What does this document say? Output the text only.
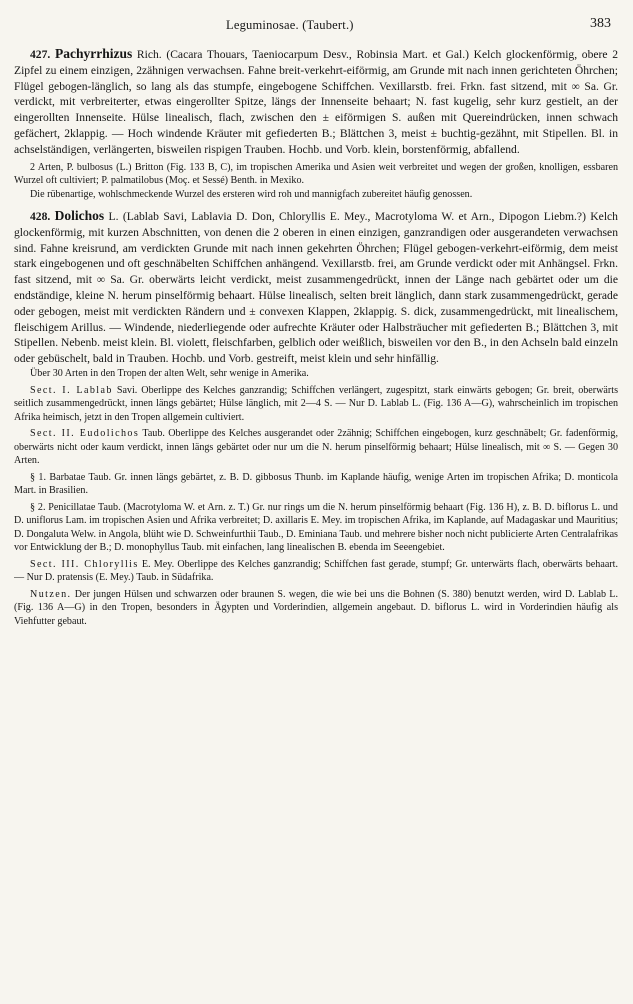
Leguminosae. (Taubert.)	383

427. Pachyrrhizus Rich. (Cacara Thouars, Taeniocarpum Desv., Robinsia Mart. et Gal.) Kelch glockenförmig, obere 2 Zipfel zu einem einzigen, 2zähnigen verwachsen. Fahne breit-verkehrt-eiförmig, am Grunde mit nach innen gerichteten Öhrchen; Flügel gebogen-länglich, so lang als das stumpfe, eingebogene Schiffchen. Vexillarstb. frei. Frkn. fast sitzend, mit ∞ Sa. Gr. verdickt, mit verbreiterter, etwas eingerollter Spitze, längs der Innenseite behaart; N. fast kugelig, sehr kurz gestielt, an der eingerollten Innenseite. Hülse linealisch, flach, zwischen den ± eiförmigen S. außen mit Quereindrücken, innen schwach gefächert, 2klappig. — Hoch windende Kräuter mit gefiederten B.; Blättchen 3, meist ± buchtig-gezähnt, mit Stipellen. Bl. in achselständigen, verlängerten, bisweilen rispigen Trauben. Hochb. und Vorb. klein, borstenförmig, abfallend.

2 Arten, P. bulbosus (L.) Britton (Fig. 133 B, C), im tropischen Amerika und Asien weit verbreitet und wegen der großen, knolligen, essbaren Wurzel oft cultiviert; P. palmatilobus (Moç. et Sessé) Benth. in Mexiko.

Die rübenartige, wohlschmeckende Wurzel des ersteren wird roh und mannigfach zubereitet häufig genossen.

428. Dolichos L. (Lablab Savi, Lablavia D. Don, Chloryllis E. Mey., Macrotyloma W. et Arn., Dipogon Liebm.?) Kelch glockenförmig, mit kurzen Abschnitten, von denen die 2 oberen in einen einzigen, ganzrandigen oder ausgerandeten verwachsen sind. Fahne kreisrund, am verdickten Grunde mit nach innen gekehrten Öhrchen; Flügel gebogen-verkehrt-eiförmig, dem meist stark eingebogenen und oft geschnäbelten Schiffchen anhängend. Vexillarstb. frei, am Grunde verdickt oder mit Anhängsel. Frkn. fast sitzend, mit ∞ Sa. Gr. oberwärts leicht verdickt, meist zusammengedrückt, innen der Länge nach gebärtet oder um die endständige, kleine N. herum pinselförmig behaart. Hülse linealisch, selten breit länglich, dann stark zusammengedrückt, gerade oder gebogen, meist mit verdickten Rändern und ± convexen Klappen, 2klappig. S. dick, zusammengedrückt, mit linealischem, fleischigem Arillus. — Windende, niederliegende oder aufrechte Kräuter oder Halbsträucher mit gefiederten B.; Blättchen 3, mit Stipellen. Nebenb. meist klein. Bl. violett, fleischfarben, gelblich oder weißlich, bisweilen vor den B., in den Achseln bald einzeln oder gebüschelt, bald in Trauben. Hochb. und Vorb. gestreift, meist klein und sehr hinfällig.

Über 30 Arten in den Tropen der alten Welt, sehr wenige in Amerika.

Sect. I. Lablab Savi. Oberlippe des Kelches ganzrandig; Schiffchen verlängert, zugespitzt, stark einwärts gebogen; Gr. breit, oberwärts seitlich zusammengedrückt, innen längs gebärtet; Hülse länglich, mit 2—4 S. — Nur D. Lablab L. (Fig. 136 A—G), wahrscheinlich im tropischen Afrika heimisch, jetzt in den Tropen allgemein cultiviert.

Sect. II. Eudolichos Taub. Oberlippe des Kelches ausgerandet oder 2zähnig; Schiffchen eingebogen, kurz geschnäbelt; Gr. fadenförmig, oberwärts nicht oder kaum verdickt, innen längs gebärtet oder nur um die N. herum pinselförmig behaart; Hülse linealisch, mit ∞ S. — Gegen 30 Arten.

§ 1. Barbatae Taub. Gr. innen längs gebärtet, z. B. D. gibbosus Thunb. im Kaplande häufig, wenige Arten im tropischen Afrika; D. monticola Mart. in Brasilien.

§ 2. Penicillatae Taub. (Macrotyloma W. et Arn. z. T.) Gr. nur rings um die N. herum pinselförmig behaart (Fig. 136 H), z. B. D. biflorus L. und D. uniflorus Lam. im tropischen Asien und Afrika verbreitet; D. axillaris E. Mey. im tropischen Afrika, im Kaplande, auf Madagaskar und Mauritius; D. Dongaluta Welw. in Angola, blüht wie D. Schweinfurthii Taub., D. Eminiana Taub. und mehrere bisher noch nicht publicierte Arten Centralafrikas vor Entwicklung der B.; D. monophyllus Taub. mit einfachen, lang linealischen B. ebenda im Seeengebiet.

Sect. III. Chloryllis E. Mey. Oberlippe des Kelches ganzrandig; Schiffchen fast gerade, stumpf; Gr. unterwärts flach, oberwärts behaart. — Nur D. pratensis (E. Mey.) Taub. in Südafrika.

Nutzen. Der jungen Hülsen und schwarzen oder braunen S. wegen, die wie bei uns die Bohnen (S. 380) benutzt werden, wird D. Lablab L. (Fig. 136 A—G) in den Tropen, besonders in Ägypten und Vorderindien, allgemein angebaut. D. biflorus L. wird in Vorderindien häufig als Viehfutter gebaut.
